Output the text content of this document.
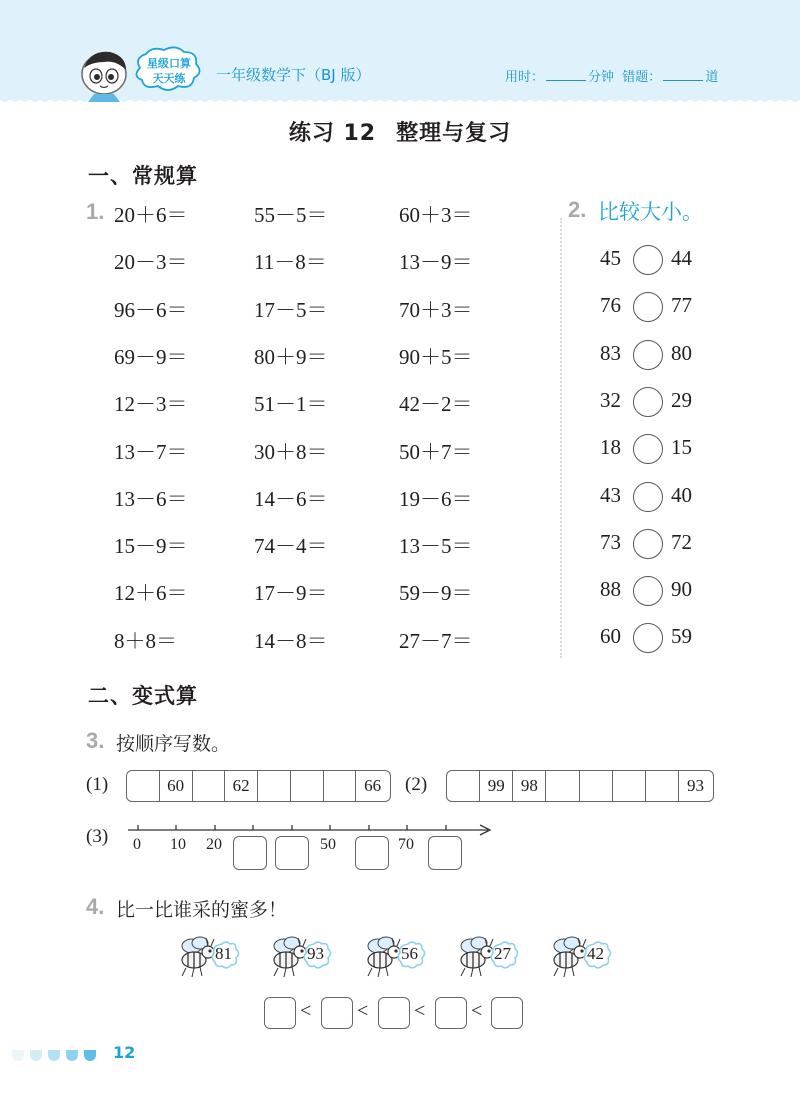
星级口算
天天练	一年级数学下（BJ 版）	用时：	分钟 错题：	道
练习 12 整理与复习
一、常规算
1. 20＋6＝	55－5＝	60＋3＝
20－3＝	11－8＝	13－9＝
96－6＝	17－5＝	70＋3＝
69－9＝	80＋9＝	90＋5＝
12－3＝	51－1＝	42－2＝
13－7＝	30＋8＝	50＋7＝
13－6＝	14－6＝	19－6＝
15－9＝	74－4＝	13－5＝
12＋6＝	17－9＝	59－9＝
8＋8＝	14－8＝	27－7＝
2. 比较大小。
45 44
76 77
83 80
32 29
18 15
43 40
73 72
88 90
60 59
二、变式算
3. 按顺序写数。
(1)	60	62	66	(2)	99 98	93
(3) 0 10 20	50	70
4. 比一比谁采的蜜多！
81	93	56	27	42
< < < <
12
